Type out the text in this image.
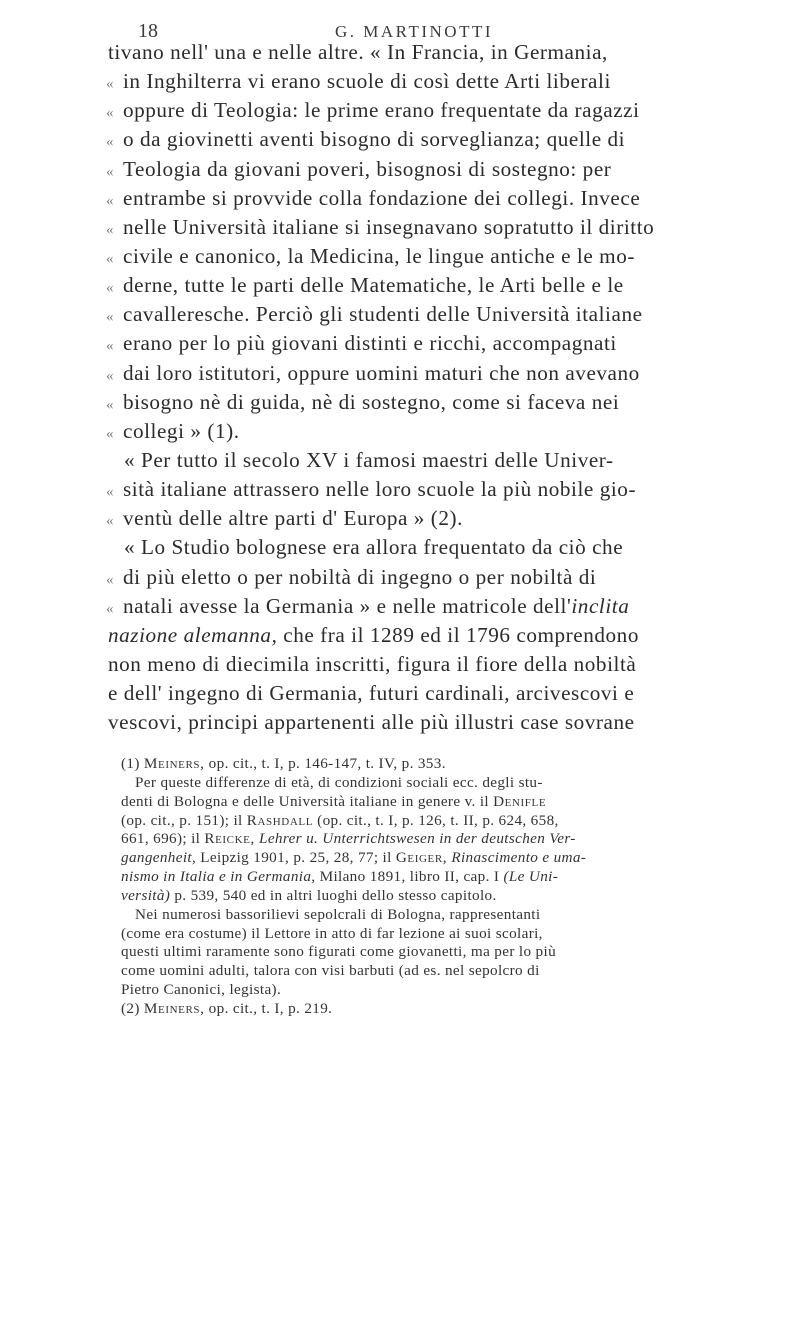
18	G. MARTINOTTI
tivano nell' una e nelle altre. « In Francia, in Germania,
« in Inghilterra vi erano scuole di così dette Arti liberali
« oppure di Teologia: le prime erano frequentate da ragazzi
« o da giovinetti aventi bisogno di sorveglianza; quelle di
« Teologia da giovani poveri, bisognosi di sostegno: per
« entrambe si provvide colla fondazione dei collegi. Invece
« nelle Università italiane si insegnavano sopratutto il diritto
« civile e canonico, la Medicina, le lingue antiche e le mo-
« derne, tutte le parti delle Matematiche, le Arti belle e le
« cavalleresche. Perciò gli studenti delle Università italiane
« erano per lo più giovani distinti e ricchi, accompagnati
« dai loro istitutori, oppure uomini maturi che non avevano
« bisogno nè di guida, nè di sostegno, come si faceva nei
« collegi » (1).
« Per tutto il secolo XV i famosi maestri delle Univer-
« sità italiane attrassero nelle loro scuole la più nobile gio-
« ventù delle altre parti d' Europa » (2).
« Lo Studio bolognese era allora frequentato da ciò che
« di più eletto o per nobiltà di ingegno o per nobiltà di
« natali avesse la Germania » e nelle matricole dell'inclita
nazione alemanna, che fra il 1289 ed il 1796 comprendono
non meno di diecimila inscritti, figura il fiore della nobiltà
e dell' ingegno di Germania, futuri cardinali, arcivescovi e
vescovi, principi appartenenti alle più illustri case sovrane
(1) Meiners, op. cit., t. I, p. 146-147, t. IV, p. 353.
Per queste differenze di età, di condizioni sociali ecc. degli stu-
denti di Bologna e delle Università italiane in genere v. il Denifle
(op. cit., p. 151); il Rashdall (op. cit., t. I, p. 126, t. II, p. 624, 658,
661, 696); il Reicke, Lehrer u. Unterrichtswesen in der deutschen Ver-
gangenheit, Leipzig 1901, p. 25, 28, 77; il Geiger, Rinascimento e uma-
nismo in Italia e in Germania, Milano 1891, libro II, cap. I (Le Uni-
versità) p. 539, 540 ed in altri luoghi dello stesso capitolo.
Nei numerosi bassorilievi sepolcrali di Bologna, rappresentanti
(come era costume) il Lettore in atto di far lezione ai suoi scolari,
questi ultimi raramente sono figurati come giovanetti, ma per lo più
come uomini adulti, talora con visi barbuti (ad es. nel sepolcro di
Pietro Canonici, legista).
(2) Meiners, op. cit., t. I, p. 219.
